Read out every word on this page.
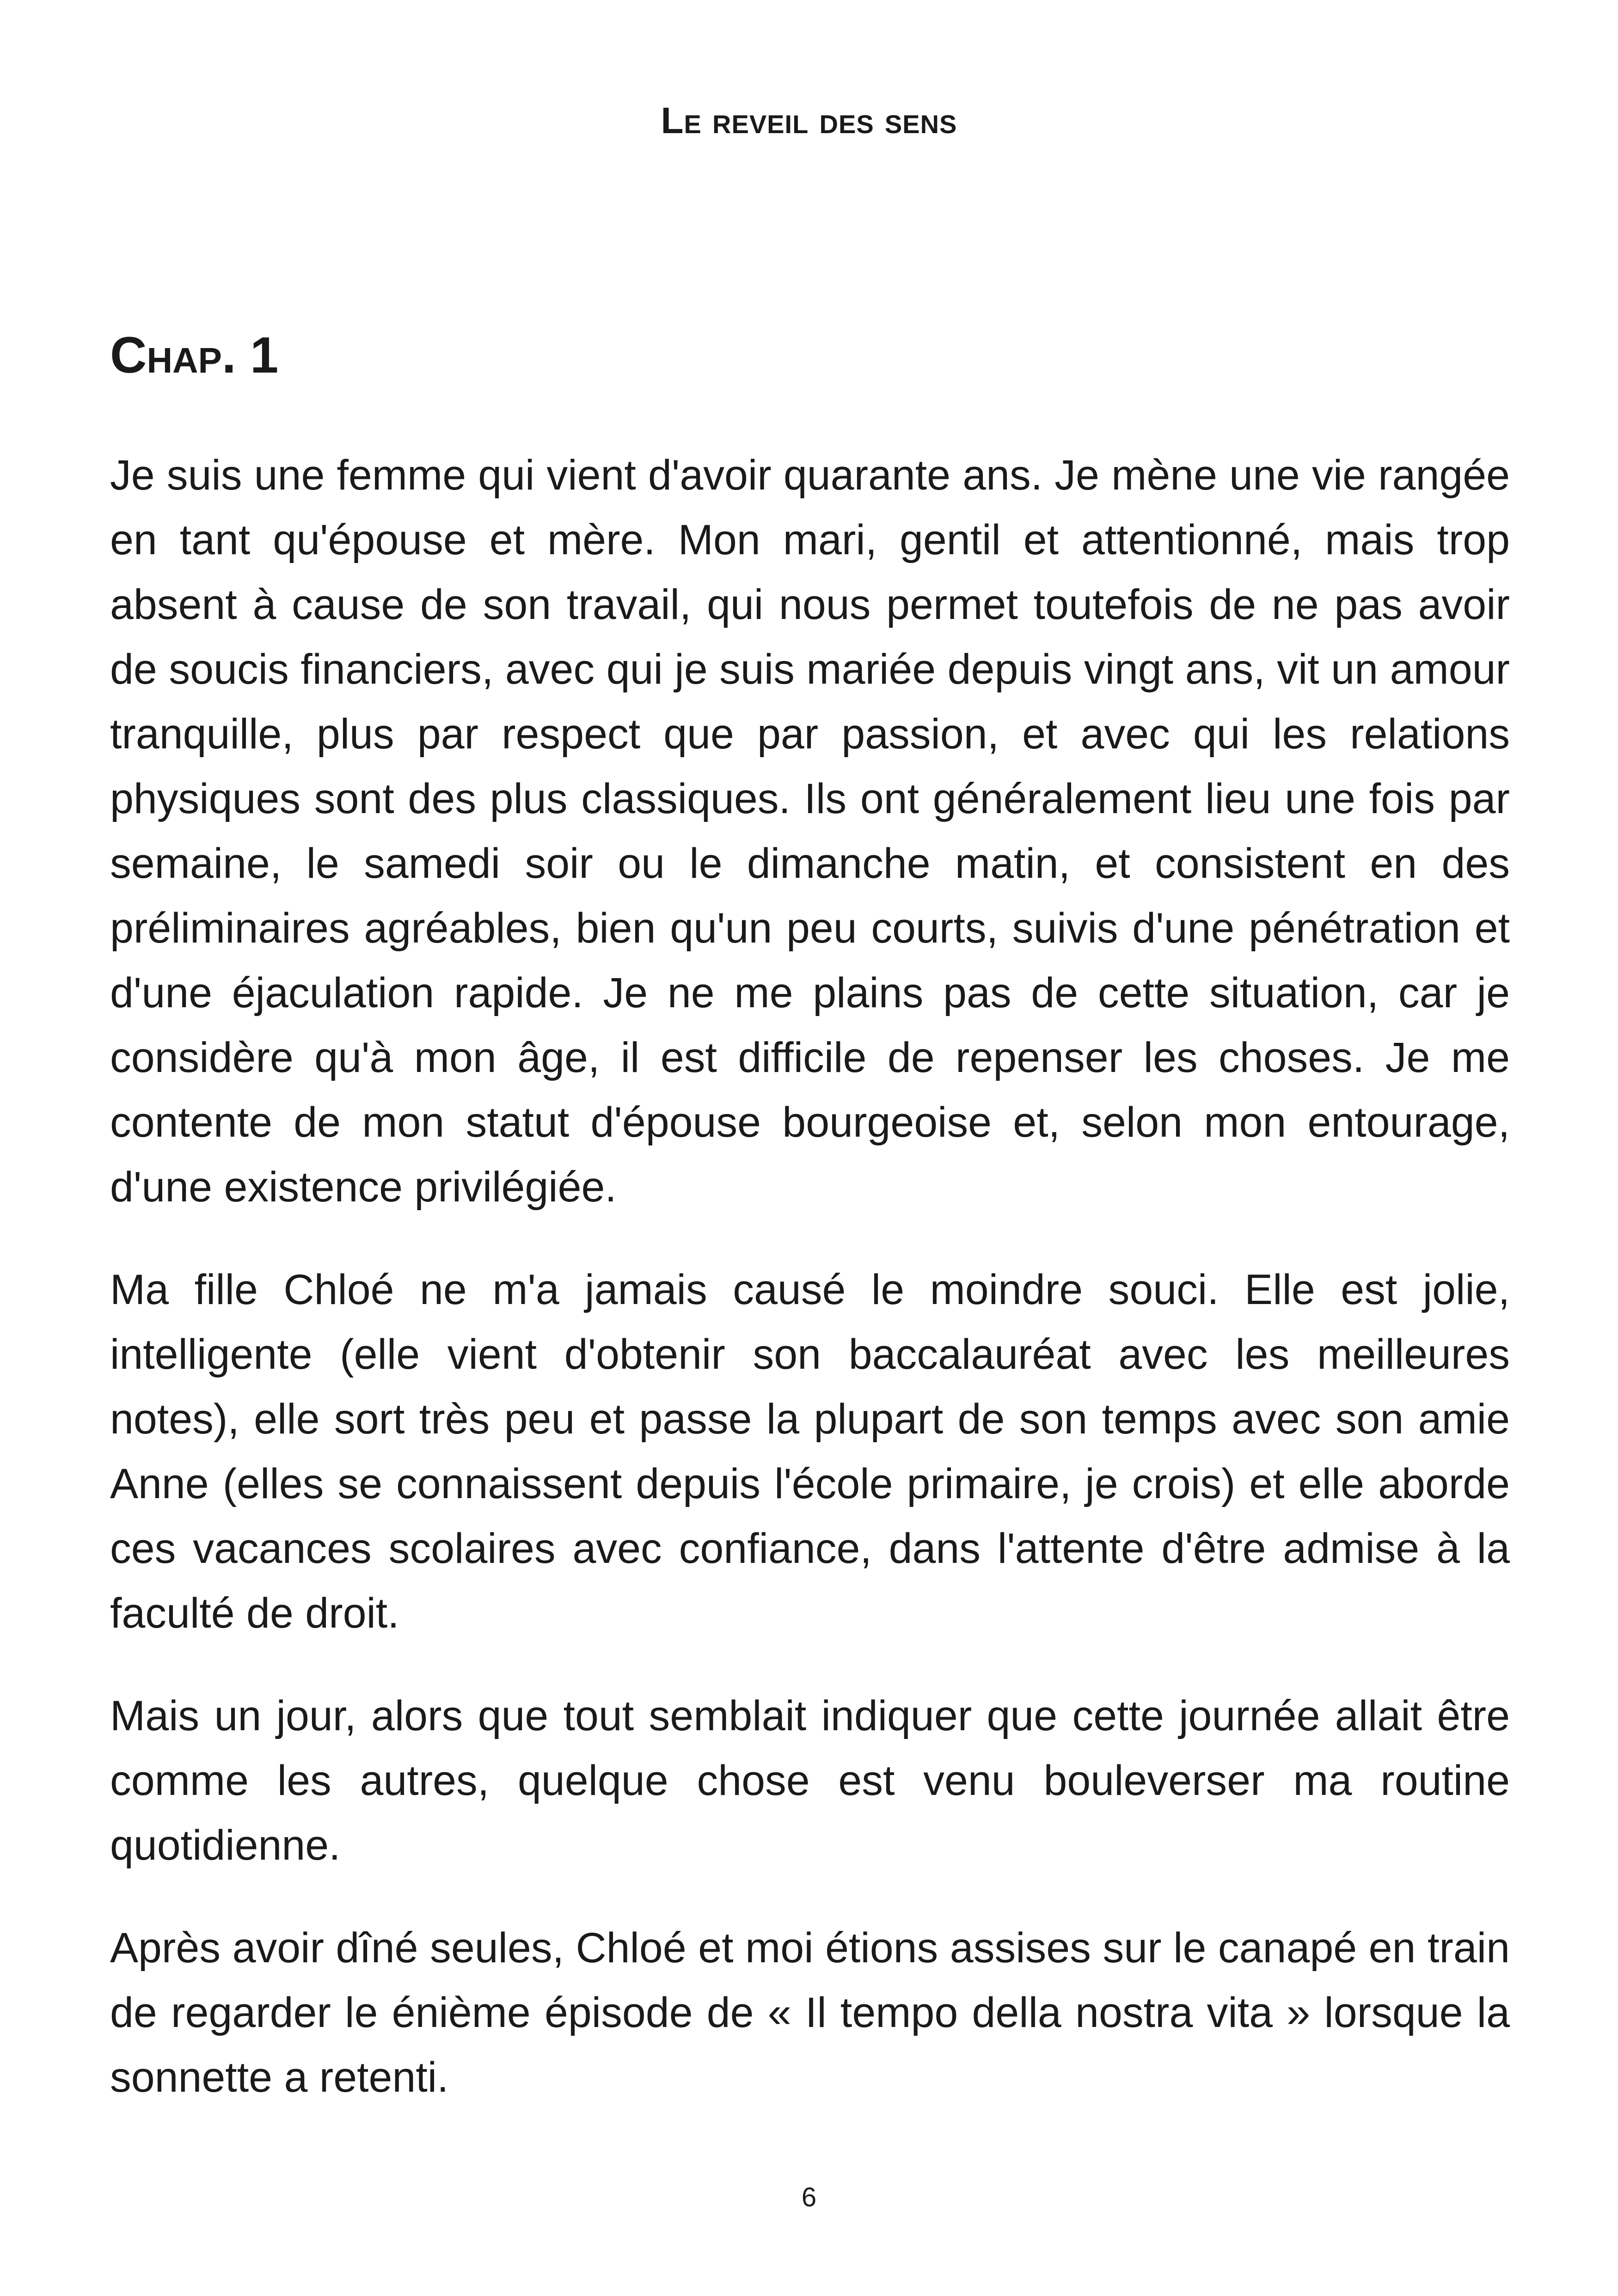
Le reveil des sens
Chap. 1

Je suis une femme qui vient d'avoir quarante ans. Je mène une vie rangée en tant qu'épouse et mère. Mon mari, gentil et attentionné, mais trop absent à cause de son travail, qui nous permet toutefois de ne pas avoir de soucis financiers, avec qui je suis mariée depuis vingt ans, vit un amour tranquille, plus par respect que par passion, et avec qui les relations physiques sont des plus classiques. Ils ont généralement lieu une fois par semaine, le samedi soir ou le dimanche matin, et consistent en des préliminaires agréables, bien qu'un peu courts, suivis d'une pénétration et d'une éjaculation rapide. Je ne me plains pas de cette situation, car je considère qu'à mon âge, il est difficile de repenser les choses. Je me contente de mon statut d'épouse bourgeoise et, selon mon entourage, d'une existence privilégiée.

Ma fille Chloé ne m'a jamais causé le moindre souci. Elle est jolie, intelligente (elle vient d'obtenir son baccalauréat avec les meilleures notes), elle sort très peu et passe la plupart de son temps avec son amie Anne (elles se connaissent depuis l'école primaire, je crois) et elle aborde ces vacances scolaires avec confiance, dans l'attente d'être admise à la faculté de droit.

Mais un jour, alors que tout semblait indiquer que cette journée allait être comme les autres, quelque chose est venu bouleverser ma routine quotidienne.

Après avoir dîné seules, Chloé et moi étions assises sur le canapé en train de regarder le énième épisode de « Il tempo della nostra vita » lorsque la sonnette a retenti.

6
